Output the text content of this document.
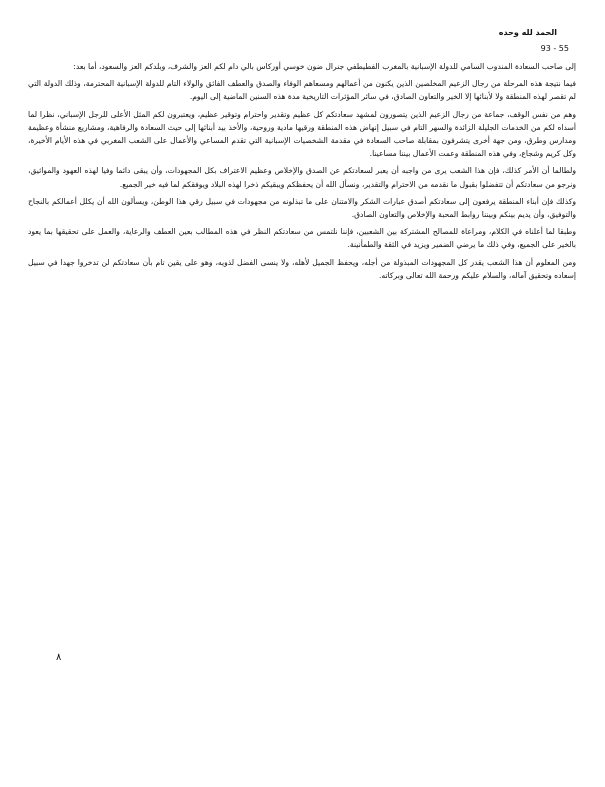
الحمد لله وحده
93 - 55

إلى صاحب السعادة المندوب السامي للدولة الإسبانية بالمغرب الفطيطفي جنرال ضون خوسي أوركاس بالي دام لكم العز والشرف، وبلدكم العز والسعود، أما بعد:

فيما نتيجة هذه المرحلة من رجال الزعيم المخلصين الذين يكنون من أعمالهم ومسعاهم الوفاء والصدق والعطف الفائق والولاء التام للدولة الإسبانية المحترمة، وذلك الدولة التي لم تقصر لهذه المنطقة ولا لأبنائها إلا الخير والتعاون الصادق، في سائر المؤثرات التاريخية مدة هذه السنين الماضية إلى اليوم.

وهم من نفس الوقف، جماعة من رجال الزعيم الذين يتصورون لمشهد سعادتكم كل عظيم وتقدير واحترام وتوقير عظيم، ويعتبرون لكم المثل الأعلى للرجل الإسباني، نظرا لما أسداه لكم من الخدمات الجليلة الزائدة والسهر التام في سبيل إنهاض هذه المنطقة ورقيها مادية وروحية، والأخذ بيد أبنائها إلى حيث السعادة والرفاهية، ومشاريع منشأة وعظيمة ومدارس وطرق، ومن جهة أخرى يتشرفون بمقابلة صاحب السعادة في مقدمة الشخصيات الإسبانية التي تقدم المساعي والأعمال على الشعب المغربي في هذه الأيام الأخيرة، وكل كريم وشجاع، وفي هذه المنطقة وعمت الأعمال بيننا مساعينا.

ولطالما أن الأمر كذلك، فإن هذا الشعب يرى من واجبه أن يعبر لسعادتكم عن الصدق والإخلاص وعظيم الاعتراف بكل المجهودات، وأن يبقى دائما وفيا لهذه العهود والمواثيق، ونرجو من سعادتكم أن تتفضلوا بقبول ما نقدمه من الاحترام والتقدير، ونسأل الله أن يحفظكم ويبقيكم ذخرا لهذه البلاد ويوفقكم لما فيه خير الجميع.

وكذلك فإن أبناء المنطقة يرفعون إلى سعادتكم أصدق عبارات الشكر والامتنان على ما تبذلونه من مجهودات في سبيل رقي هذا الوطن، ويسألون الله أن يكلل أعمالكم بالنجاح والتوفيق، وأن يديم بينكم وبيننا روابط المحبة والإخلاص والتعاون الصادق.

وطبقا لما أعلناه في الكلام، ومراعاة للمصالح المشتركة بين الشعبين، فإننا نلتمس من سعادتكم النظر في هذه المطالب بعين العطف والرعاية، والعمل على تحقيقها بما يعود بالخير على الجميع، وفي ذلك ما يرضي الضمير ويزيد في الثقة والطمأنينة.

ومن المعلوم أن هذا الشعب يقدر كل المجهودات المبذولة من أجله، ويحفظ الجميل لأهله، ولا ينسى الفضل لذويه، وهو على يقين تام بأن سعادتكم لن تدخروا جهدا في سبيل إسعاده وتحقيق آماله، والسلام عليكم ورحمة الله تعالى وبركاته.

٨
